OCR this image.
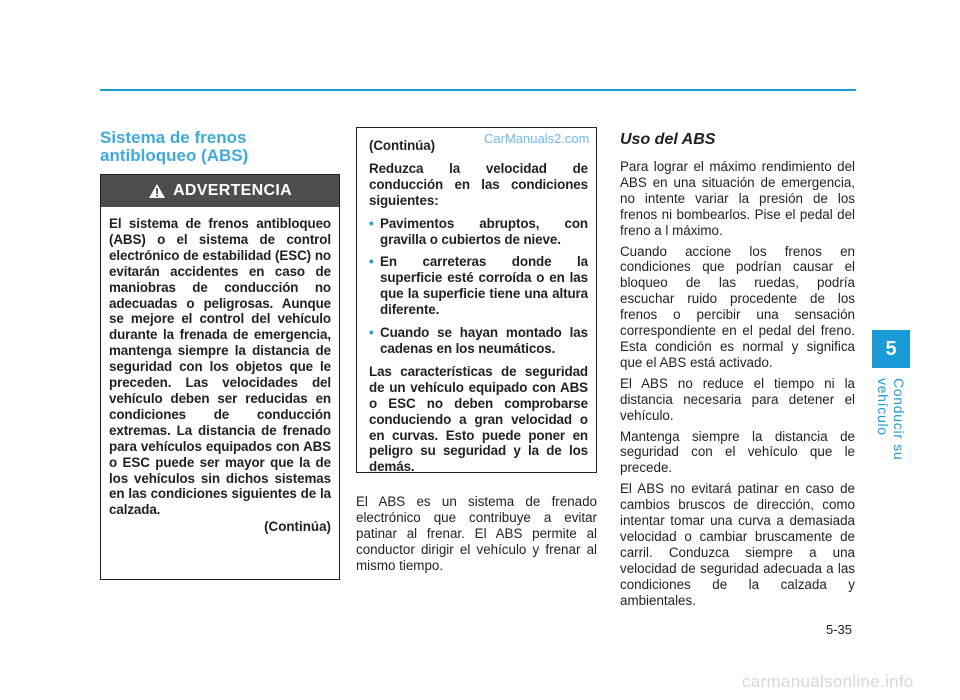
Sistema de frenos antibloqueo (ABS)
ADVERTENCIA
El sistema de frenos antibloqueo (ABS) o el sistema de control electrónico de estabilidad (ESC) no evitarán accidentes en caso de maniobras de conducción no adecuadas o peligrosas. Aunque se mejore el control del vehículo durante la frenada de emergencia, mantenga siempre la distancia de seguridad con los objetos que le preceden. Las velocidades del vehículo deben ser reducidas en condiciones de conducción extremas. La distancia de frenado para vehículos equipados con ABS o ESC puede ser mayor que la de los vehículos sin dichos sistemas en las condiciones siguientes de la calzada.
(Continúa)

(Continúa)

Reduzca la velocidad de conducción en las condiciones siguientes:

• Pavimentos abruptos, con gravilla o cubiertos de nieve.
• En carreteras donde la superficie esté corroída o en las que la superficie tiene una altura diferente.
• Cuando se hayan montado las cadenas en los neumáticos.

Las características de seguridad de un vehículo equipado con ABS o ESC no deben comprobarse conduciendo a gran velocidad o en curvas. Esto puede poner en peligro su seguridad y la de los demás.

CarManuals2.com
El ABS es un sistema de frenado electrónico que contribuye a evitar patinar al frenar. El ABS permite al conductor dirigir el vehículo y frenar al mismo tiempo.
Uso del ABS

Para lograr el máximo rendimiento del ABS en una situación de emergencia, no intente variar la presión de los frenos ni bombearlos. Pise el pedal del freno a l máximo.

Cuando accione los frenos en condiciones que podrían causar el bloqueo de las ruedas, podría escuchar ruido procedente de los frenos o percibir una sensación correspondiente en el pedal del freno. Esta condición es normal y significa que el ABS está activado.

El ABS no reduce el tiempo ni la distancia necesaria para detener el vehículo.

Mantenga siempre la distancia de seguridad con el vehículo que le precede.

El ABS no evitará patinar en caso de cambios bruscos de dirección, como intentar tomar una curva a demasiada velocidad o cambiar bruscamente de carril. Conduzca siempre a una velocidad de seguridad adecuada a las condiciones de la calzada y ambientales.

5
Conducir su vehículo
5-35
carmanualsonline.info
